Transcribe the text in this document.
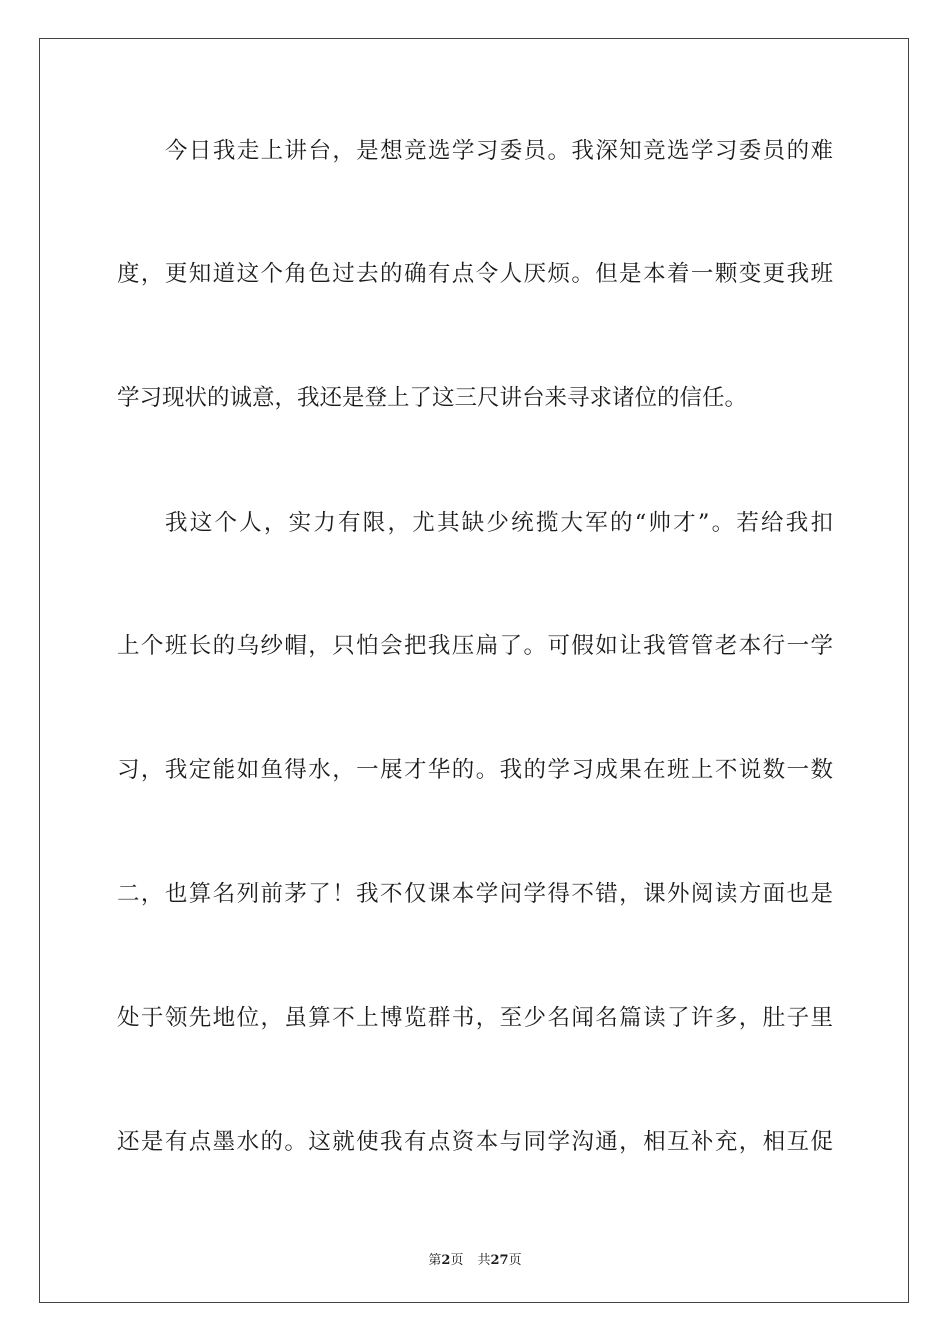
今日我走上讲台，是想竞选学习委员。我深知竞选学习委员的难
度，更知道这个角色过去的确有点令人厌烦。但是本着一颗变更我班
学习现状的诚意，我还是登上了这三尺讲台来寻求诸位的信任。
我这个人，实力有限，尤其缺少统揽大军的“帅才”。若给我扣
上个班长的乌纱帽，只怕会把我压扁了。可假如让我管管老本行一学
习，我定能如鱼得水，一展才华的。我的学习成果在班上不说数一数
二，也算名列前茅了！我不仅课本学问学得不错，课外阅读方面也是
处于领先地位，虽算不上博览群书，至少名闻名篇读了许多，肚子里
还是有点墨水的。这就使我有点资本与同学沟通，相互补充，相互促
第2页 共27页
